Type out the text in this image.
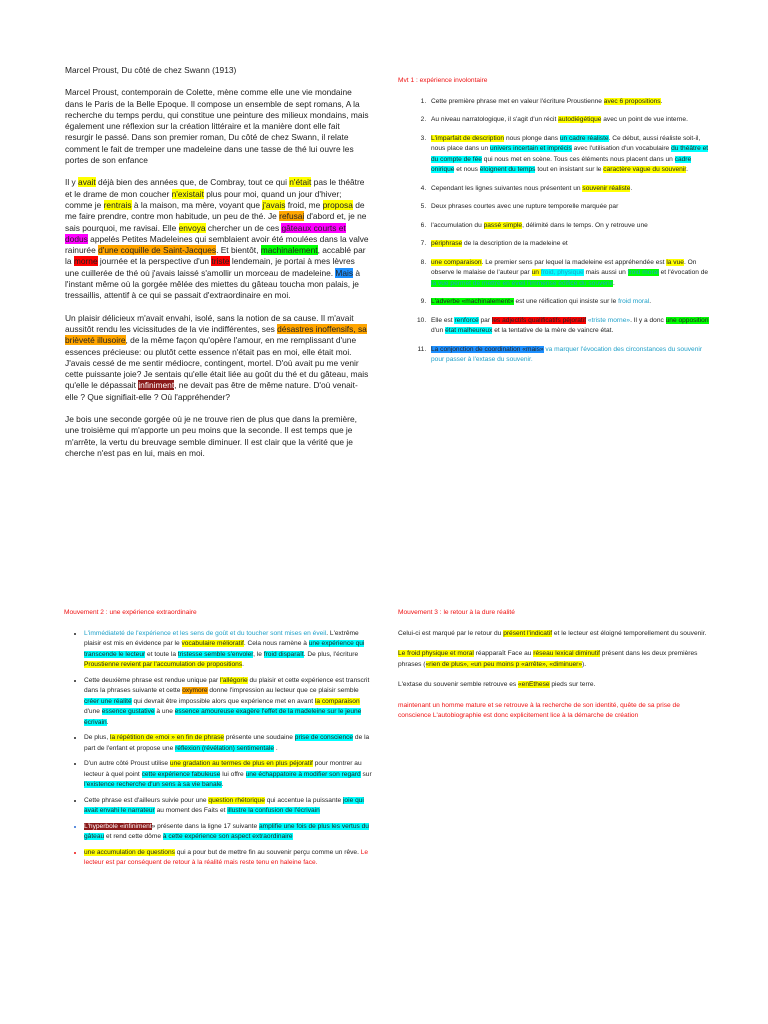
Marcel Proust, Du côté de chez Swann (1913)

Marcel Proust, contemporain de Colette, mène comme elle une vie mondaine dans le Paris de la Belle Epoque. Il compose un ensemble de sept romans, A la recherche du temps perdu, qui constitue une peinture des milieux mondains, mais également une réflexion sur la création littéraire et la manière dont elle fait resurgir le passé. Dans son premier roman, Du côté de chez Swann, il relate comment le fait de tremper une madeleine dans une tasse de thé lui ouvre les portes de son enfance

Il y avait déjà bien des années que, de Combray, tout ce qui n'était pas le théâtre et le drame de mon coucher n'existait plus pour moi, quand un jour d'hiver; comme je rentrais à la maison, ma mère, voyant que j'avais froid, me proposa de me faire prendre, contre mon habitude, un peu de thé. Je refusai d'abord et, je ne sais pourquoi, me ravisai. Elle envoya chercher un de ces gâteaux courts et dodus appelés Petites Madeleines qui semblaient avoir été moulées dans la valve rainurée d'une coquille de Saint-Jacques. Et bientôt, machinalement, accablé par la morne journée et la perspective d'un triste lendemain, je portai à mes lèvres une cuillerée de thé où j'avais laissé s'amollir un morceau de madeleine. Mais à l'instant même où la gorgée mêlée des miettes du gâteau toucha mon palais, je tressaillis, attentif à ce qui se passait d'extraordinaire en moi.

Un plaisir délicieux m'avait envahi, isolé, sans la notion de sa cause. Il m'avait aussitôt rendu les vicissitudes de la vie indifférentes, ses désastres inoffensifs, sa brièveté illusoire, de la même façon qu'opère l'amour, en me remplissant d'une essences précieuse: ou plutôt cette essence n'était pas en moi, elle était moi. J'avais cessé de me sentir médiocre, contingent, mortel. D'où avait pu me venir cette puissante joie? Je sentais qu'elle était liée au goût du thé et du gâteau, mais qu'elle le dépassait infiniment, ne devait pas être de même nature. D'où venait-elle ? Que signifiait-elle ? Où l'appréhender?

Je bois une seconde gorgée où je ne trouve rien de plus que dans la première, une troisième qui m'apporte un peu moins que la seconde. Il est temps que je m'arrête, la vertu du breuvage semble diminuer. Il est clair que la vérité que je cherche n'est pas en lui, mais en moi.

Mvt 1 : expérience involontaire

1. Cette première phrase met en valeur l'écriture Proustienne avec 6 propositions.
2. Au niveau narratologique, il s'agit d'un récit autodiégétique avec un point de vue interne.
3. L'imparfait de description nous plonge dans un cadre réaliste. Ce début, aussi réaliste soit-il, nous place dans un univers incertain et imprécis avec l'utilisation d'un vocabulaire du théâtre et du compte de fée qui nous met en scène. Tous ces éléments nous placent dans un cadre onirique et nous éloignent du temps tout en insistant sur le caractère vague du souvenir.
4. Cependant les lignes suivantes nous présentent un souvenir réaliste.
5. Deux phrases courtes avec une rupture temporelle marquée par
6. l'accumulation du passé simple, délimité dans le temps. On y retrouve une
7. périphrase de la description de la madeleine et
8. une comparaison. Le premier sens par lequel la madeleine est appréhendée est la vue. On observe le malaise de l'auteur par un froid, physique mais aussi un froid moral et l'évocation de la vue permet de mettre en éveil l'immense édifice du souvenir.
9. L'adverbe «machinalement» est une réification qui insiste sur le froid moral.
10. Elle est renforcé par les adjectifs qualificatifs péjoratif «triste morne». Il y a donc une opposition d'un état malheureux et la tentative de la mère de vaincre état.
11. La conjonction de coordination «mais» va marquer l'évocation des circonstances du souvenir pour passer à l'extase du souvenir.

Mouvement 2 : une expérience extraordinaire

• L'immédiateté de l'expérience et les sens de goût et du toucher sont mises en éveil. L'extrême plaisir est mis en évidence par le vocabulaire mélioratif. Cela nous ramène à une expérience qui transcende le lecteur et toute la tristesse semble s'envoler, le froid disparaît. De plus, l'écriture Proustienne revient par l'accumulation de propositions.
• Cette deuxième phrase est rendue unique par l'allégorie du plaisir et cette expérience est transcrit dans la phrases suivante et cette oxymore donne l'impression au lecteur que ce plaisir semble créer une réalité qui devrait être impossible alors que expérience met en avant la comparaison d'une essence gustative à une essence amoureuse exagère l'effet de la madeleine sur le jeune écrivain.
• De plus, la répétition de «moi » en fin de phrase présente une soudaine prise de conscience de la part de l'enfant et propose une réflexion (révélation) sentimentale .
• D'un autre côté Proust utilise une gradation au termes de plus en plus péjoratif pour montrer au lecteur à quel point cette expérience fabuleuse lui offre une échappatoire à modifier son regard sur l'existence recherche d'un sens à sa vie banale.
• Cette phrase est d'ailleurs suivie pour une question rhétorique qui accentue la puissante joie qui avait envahi le narrateur au moment des Faits et illustre la confusion de l'écrivain
• L'hyperbole «infiniment» présente dans la ligne 17 suivante amplifie une fois de plus les vertus du gâteau et rend cette dôme à cette expérience son aspect extraordinaire
• une accumulation de questions qui a pour but de mettre fin au souvenir perçu comme un rêve. Le lecteur est par conséquent de retour à la réalité mais reste tenu en haleine face.

Mouvement 3 : le retour à la dure réalité

Celui-ci est marqué par le retour du présent l'indicatif et le lecteur est éloigné temporellement du souvenir.

Le froid physique et moral réapparaît Face au réseau lexical diminutif présent dans les deux premières phrases («rien de plus», «un peu moins p «arrête», «diminuer»).

L'extase du souvenir semble retrouve es «enEthese pieds sur terre.

maintenant un homme mature et se retrouve à la recherche de son identité, quête de sa prise de conscience L'autobiographie est donc explicitement lice à la démarche de création
